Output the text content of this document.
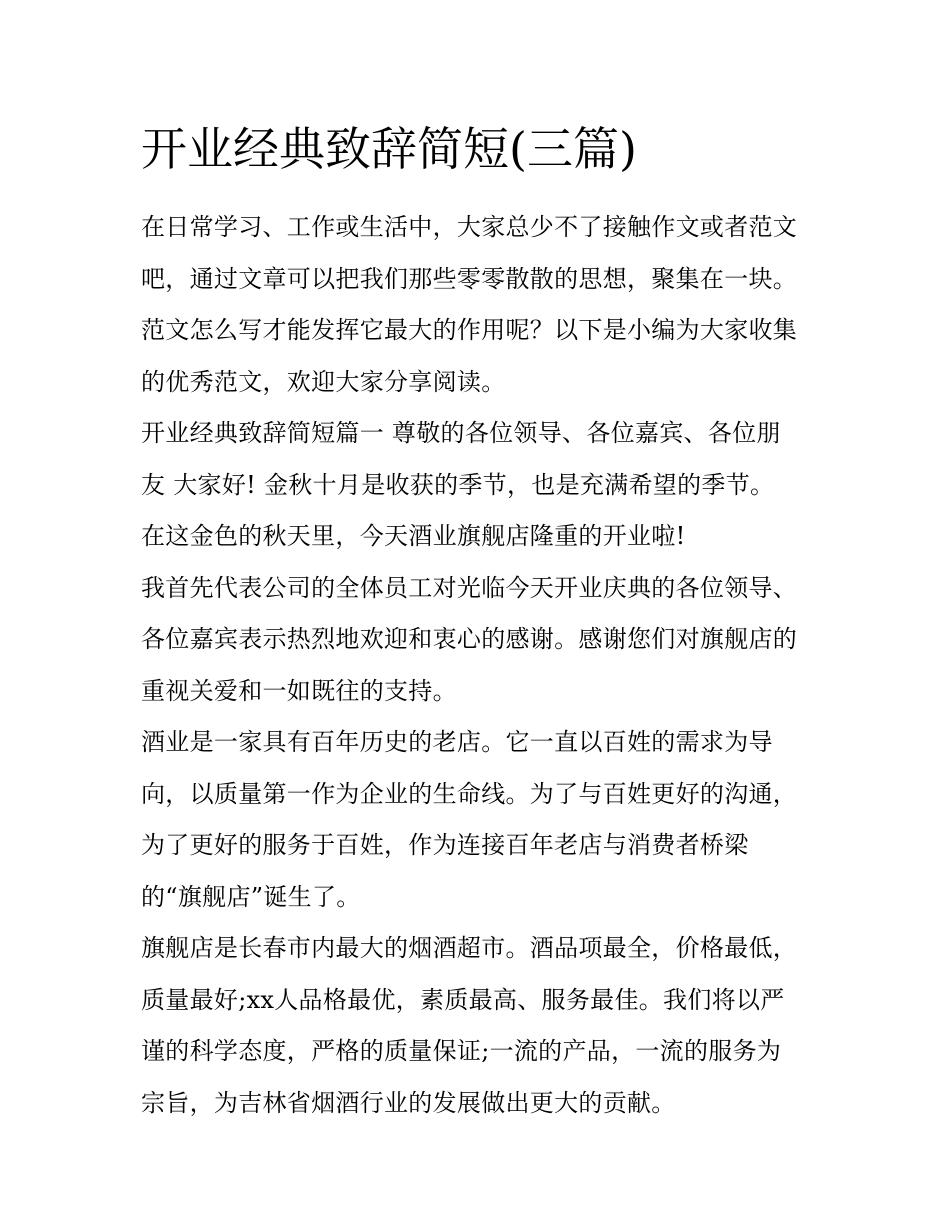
开业经典致辞简短(三篇)

在日常学习、工作或生活中，大家总少不了接触作文或者范文
吧，通过文章可以把我们那些零零散散的思想，聚集在一块。
范文怎么写才能发挥它最大的作用呢？以下是小编为大家收集
的优秀范文，欢迎大家分享阅读。

开业经典致辞简短篇一 尊敬的各位领导、各位嘉宾、各位朋
友 大家好! 金秋十月是收获的季节，也是充满希望的季节。

在这金色的秋天里，今天酒业旗舰店隆重的开业啦!

我首先代表公司的全体员工对光临今天开业庆典的各位领导、
各位嘉宾表示热烈地欢迎和衷心的感谢。感谢您们对旗舰店的
重视关爱和一如既往的支持。

酒业是一家具有百年历史的老店。它一直以百姓的需求为导
向，以质量第一作为企业的生命线。为了与百姓更好的沟通，
为了更好的服务于百姓，作为连接百年老店与消费者桥梁
的“旗舰店”诞生了。

旗舰店是长春市内最大的烟酒超市。酒品项最全，价格最低，
质量最好;xx人品格最优，素质最高、服务最佳。我们将以严
谨的科学态度，严格的质量保证;一流的产品，一流的服务为
宗旨，为吉林省烟酒行业的发展做出更大的贡献。
